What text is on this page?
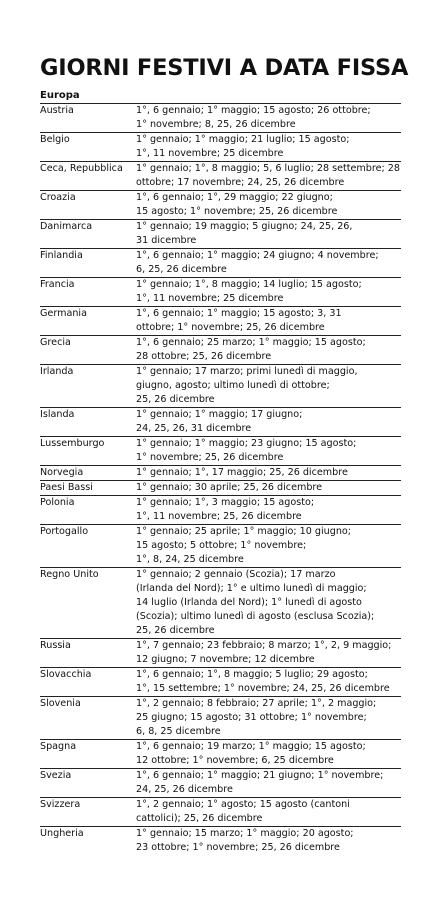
GIORNI FESTIVI A DATA FISSA
Europa
Austria	1°, 6 gennaio; 1° maggio; 15 agosto; 26 ottobre;
1° novembre; 8, 25, 26 dicembre
Belgio	1° gennaio; 1° maggio; 21 luglio; 15 agosto;
1°, 11 novembre; 25 dicembre
Ceca, Repubblica	1° gennaio; 1°, 8 maggio; 5, 6 luglio; 28 settembre; 28
ottobre; 17 novembre; 24, 25, 26 dicembre
Croazia	1°, 6 gennaio; 1°, 29 maggio; 22 giugno;
15 agosto; 1° novembre; 25, 26 dicembre
Danimarca	1° gennaio; 19 maggio; 5 giugno; 24, 25, 26,
31 dicembre
Finlandia	1°, 6 gennaio; 1° maggio; 24 giugno; 4 novembre;
6, 25, 26 dicembre
Francia	1° gennaio; 1°, 8 maggio; 14 luglio; 15 agosto;
1°, 11 novembre; 25 dicembre
Germania	1°, 6 gennaio; 1° maggio; 15 agosto; 3, 31
ottobre; 1° novembre; 25, 26 dicembre
Grecia	1°, 6 gennaio; 25 marzo; 1° maggio; 15 agosto;
28 ottobre; 25, 26 dicembre
Irlanda	1° gennaio; 17 marzo; primi lunedì di maggio,
giugno, agosto; ultimo lunedì di ottobre;
25, 26 dicembre
Islanda	1° gennaio; 1° maggio; 17 giugno;
24, 25, 26, 31 dicembre
Lussemburgo	1° gennaio; 1° maggio; 23 giugno; 15 agosto;
1° novembre; 25, 26 dicembre
Norvegia	1° gennaio; 1°, 17 maggio; 25, 26 dicembre
Paesi Bassi	1° gennaio; 30 aprile; 25, 26 dicembre
Polonia	1° gennaio; 1°, 3 maggio; 15 agosto;
1°, 11 novembre; 25, 26 dicembre
Portogallo	1° gennaio; 25 aprile; 1° maggio; 10 giugno;
15 agosto; 5 ottobre; 1° novembre;
1°, 8, 24, 25 dicembre
Regno Unito	1° gennaio; 2 gennaio (Scozia); 17 marzo
(Irlanda del Nord); 1° e ultimo lunedì di maggio;
14 luglio (Irlanda del Nord); 1° lunedì di agosto
(Scozia); ultimo lunedì di agosto (esclusa Scozia);
25, 26 dicembre
Russia	1°, 7 gennaio; 23 febbraio; 8 marzo; 1°, 2, 9 maggio;
12 giugno; 7 novembre; 12 dicembre
Slovacchia	1°, 6 gennaio; 1°, 8 maggio; 5 luglio; 29 agosto;
1°, 15 settembre; 1° novembre; 24, 25, 26 dicembre
Slovenia	1°, 2 gennaio; 8 febbraio; 27 aprile; 1°, 2 maggio;
25 giugno; 15 agosto; 31 ottobre; 1° novembre;
6, 8, 25 dicembre
Spagna	1°, 6 gennaio; 19 marzo; 1° maggio; 15 agosto;
12 ottobre; 1° novembre; 6, 25 dicembre
Svezia	1°, 6 gennaio; 1° maggio; 21 giugno; 1° novembre;
24, 25, 26 dicembre
Svizzera	1°, 2 gennaio; 1° agosto; 15 agosto (cantoni
cattolici); 25, 26 dicembre
Ungheria	1° gennaio; 15 marzo; 1° maggio; 20 agosto;
23 ottobre; 1° novembre; 25, 26 dicembre
